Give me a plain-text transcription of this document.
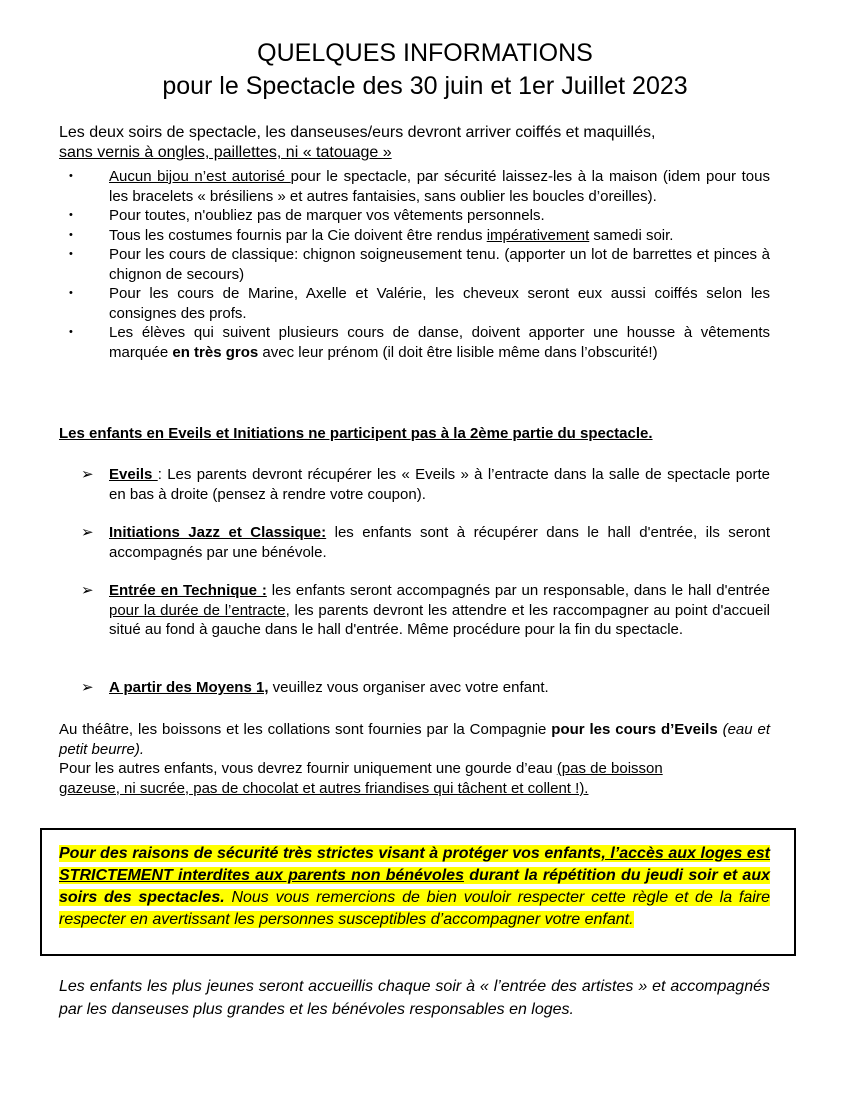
QUELQUES INFORMATIONS
pour le Spectacle des 30 juin et 1er Juillet 2023
Les deux soirs de spectacle, les danseuses/eurs devront arriver coiffés et maquillés,
sans vernis à ongles, paillettes, ni « tatouage »
• Aucun bijou n’est autorisé pour le spectacle, par sécurité laissez-les à la maison (idem pour tous les bracelets « brésiliens » et autres fantaisies, sans oublier les boucles d’oreilles).
• Pour toutes, n'oubliez pas de marquer vos vêtements personnels.
• Tous les costumes fournis par la Cie doivent être rendus impérativement samedi soir.
• Pour les cours de classique: chignon soigneusement tenu. (apporter un lot de barrettes et pinces à chignon de secours)
• Pour les cours de Marine, Axelle et Valérie, les cheveux seront eux aussi coiffés selon les consignes des profs.
• Les élèves qui suivent plusieurs cours de danse, doivent apporter une housse à vêtements marquée en très gros avec leur prénom (il doit être lisible même dans l’obscurité!)
Les enfants en Eveils et Initiations ne participent pas à la 2ème partie du spectacle.
➢ Eveils : Les parents devront récupérer les « Eveils » à l’entracte dans la salle de spectacle porte en bas à droite (pensez à rendre votre coupon).
➢ Initiations Jazz et Classique: les enfants sont à récupérer dans le hall d'entrée, ils seront accompagnés par une bénévole.
➢ Entrée en Technique : les enfants seront accompagnés par un responsable, dans le hall d'entrée pour la durée de l’entracte, les parents devront les attendre et les raccompagner au point d'accueil situé au fond à gauche dans le hall d'entrée. Même procédure pour la fin du spectacle.
➢ A partir des Moyens 1, veuillez vous organiser avec votre enfant.
Au théâtre, les boissons et les collations sont fournies par la Compagnie pour les cours d’Eveils (eau et petit beurre).
Pour les autres enfants, vous devrez fournir uniquement une gourde d’eau (pas de boisson
gazeuse, ni sucrée, pas de chocolat et autres friandises qui tâchent et collent !).
Pour des raisons de sécurité très strictes visant à protéger vos enfants, l’accès aux loges est STRICTEMENT interdites aux parents non bénévoles durant la répétition du jeudi soir et aux soirs des spectacles. Nous vous remercions de bien vouloir respecter cette règle et de la faire respecter en avertissant les personnes susceptibles d’accompagner votre enfant.
Les enfants les plus jeunes seront accueillis chaque soir à « l’entrée des artistes » et accompagnés par les danseuses plus grandes et les bénévoles responsables en loges.
